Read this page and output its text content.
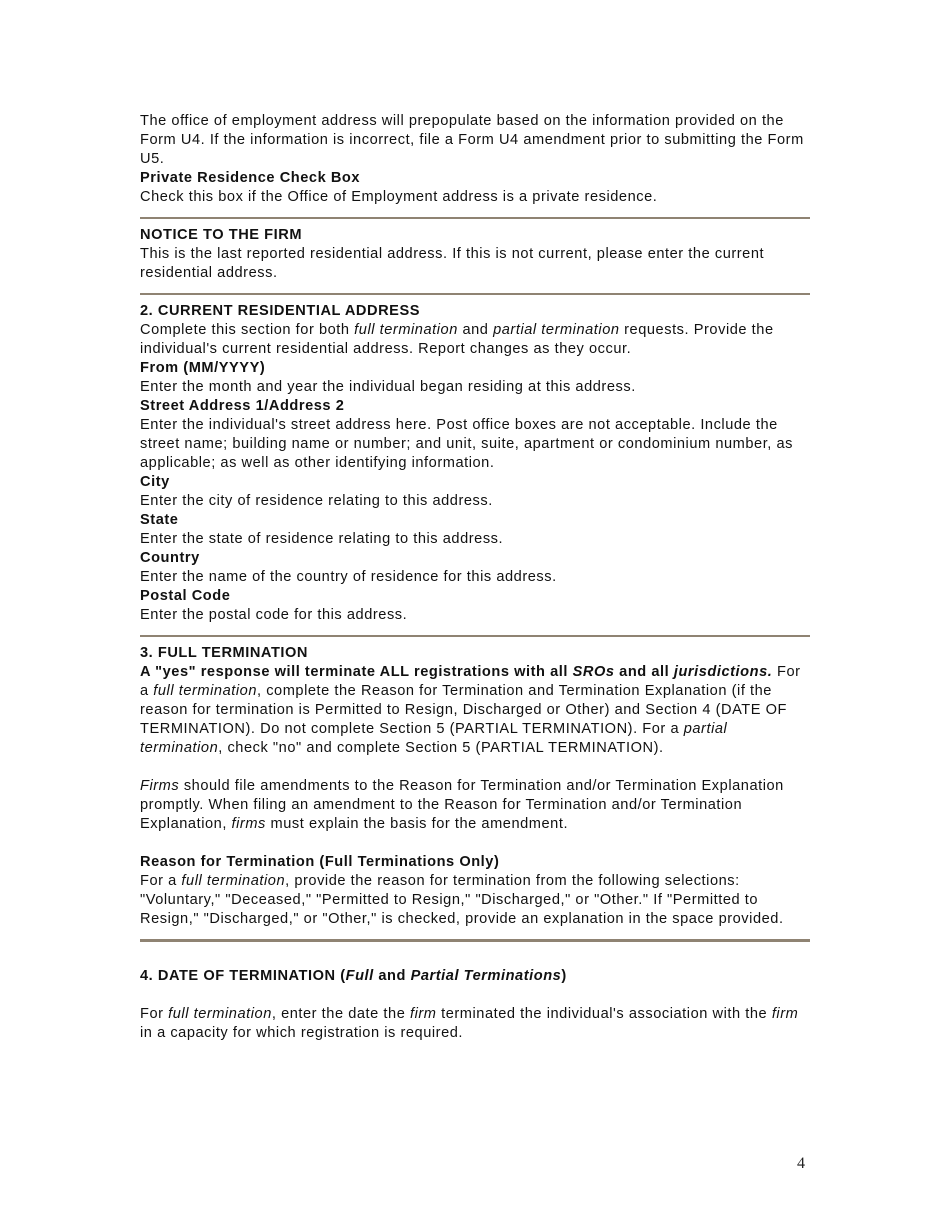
The office of employment address will prepopulate based on the information provided on the Form U4. If the information is incorrect, file a Form U4 amendment prior to submitting the Form U5.

Private Residence Check Box

Check this box if the Office of Employment address is a private residence.

NOTICE TO THE FIRM

This is the last reported residential address. If this is not current, please enter the current residential address.

2. CURRENT RESIDENTIAL ADDRESS

Complete this section for both full termination and partial termination requests. Provide the individual's current residential address. Report changes as they occur.

From (MM/YYYY)

Enter the month and year the individual began residing at this address.

Street Address 1/Address 2

Enter the individual's street address here. Post office boxes are not acceptable. Include the street name; building name or number; and unit, suite, apartment or condominium number, as applicable; as well as other identifying information.

City

Enter the city of residence relating to this address.

State

Enter the state of residence relating to this address.

Country

Enter the name of the country of residence for this address.

Postal Code

Enter the postal code for this address.

3. FULL TERMINATION

A "yes" response will terminate ALL registrations with all SROs and all jurisdictions. For a full termination, complete the Reason for Termination and Termination Explanation (if the reason for termination is Permitted to Resign, Discharged or Other) and Section 4 (DATE OF TERMINATION). Do not complete Section 5 (PARTIAL TERMINATION). For a partial termination, check "no" and complete Section 5 (PARTIAL TERMINATION).

Firms should file amendments to the Reason for Termination and/or Termination Explanation promptly. When filing an amendment to the Reason for Termination and/or Termination Explanation, firms must explain the basis for the amendment.

Reason for Termination (Full Terminations Only)

For a full termination, provide the reason for termination from the following selections: "Voluntary," "Deceased," "Permitted to Resign," "Discharged," or "Other." If "Permitted to Resign," "Discharged," or "Other," is checked, provide an explanation in the space provided.

4. DATE OF TERMINATION (Full and Partial Terminations)

For full termination, enter the date the firm terminated the individual's association with the firm in a capacity for which registration is required.

4
